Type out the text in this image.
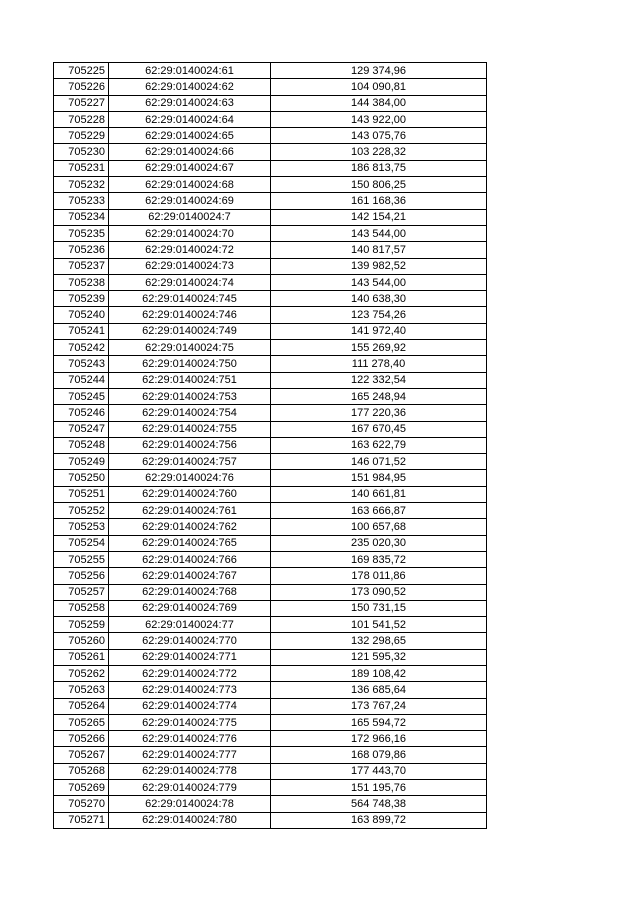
705225	62:29:0140024:61	129 374,96
705226	62:29:0140024:62	104 090,81
705227	62:29:0140024:63	144 384,00
705228	62:29:0140024:64	143 922,00
705229	62:29:0140024:65	143 075,76
705230	62:29:0140024:66	103 228,32
705231	62:29:0140024:67	186 813,75
705232	62:29:0140024:68	150 806,25
705233	62:29:0140024:69	161 168,36
705234	62:29:0140024:7	142 154,21
705235	62:29:0140024:70	143 544,00
705236	62:29:0140024:72	140 817,57
705237	62:29:0140024:73	139 982,52
705238	62:29:0140024:74	143 544,00
705239	62:29:0140024:745	140 638,30
705240	62:29:0140024:746	123 754,26
705241	62:29:0140024:749	141 972,40
705242	62:29:0140024:75	155 269,92
705243	62:29:0140024:750	111 278,40
705244	62:29:0140024:751	122 332,54
705245	62:29:0140024:753	165 248,94
705246	62:29:0140024:754	177 220,36
705247	62:29:0140024:755	167 670,45
705248	62:29:0140024:756	163 622,79
705249	62:29:0140024:757	146 071,52
705250	62:29:0140024:76	151 984,95
705251	62:29:0140024:760	140 661,81
705252	62:29:0140024:761	163 666,87
705253	62:29:0140024:762	100 657,68
705254	62:29:0140024:765	235 020,30
705255	62:29:0140024:766	169 835,72
705256	62:29:0140024:767	178 011,86
705257	62:29:0140024:768	173 090,52
705258	62:29:0140024:769	150 731,15
705259	62:29:0140024:77	101 541,52
705260	62:29:0140024:770	132 298,65
705261	62:29:0140024:771	121 595,32
705262	62:29:0140024:772	189 108,42
705263	62:29:0140024:773	136 685,64
705264	62:29:0140024:774	173 767,24
705265	62:29:0140024:775	165 594,72
705266	62:29:0140024:776	172 966,16
705267	62:29:0140024:777	168 079,86
705268	62:29:0140024:778	177 443,70
705269	62:29:0140024:779	151 195,76
705270	62:29:0140024:78	564 748,38
705271	62:29:0140024:780	163 899,72
